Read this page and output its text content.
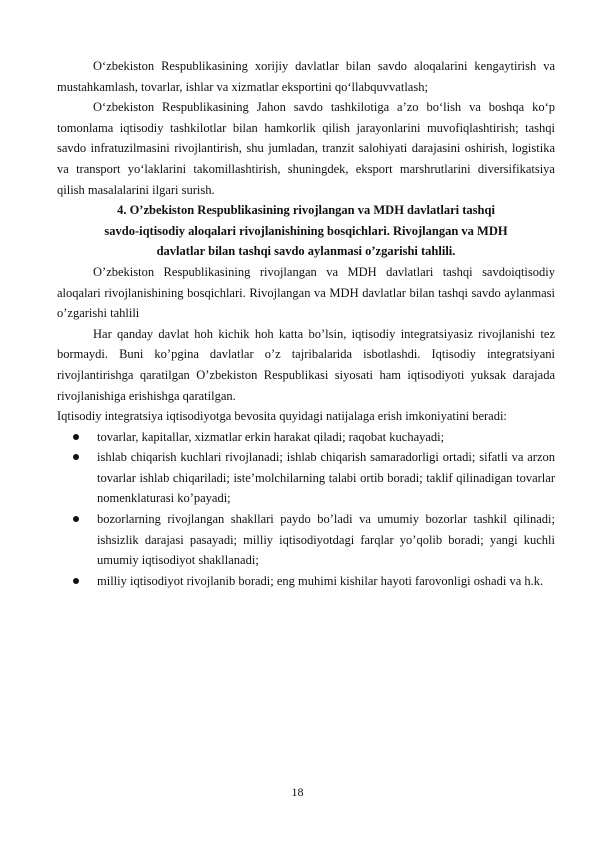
O‘zbekiston Respublikasining xorijiy davlatlar bilan savdo aloqalarini kengaytirish va mustahkamlash, tovarlar, ishlar va xizmatlar eksportini qo‘llabquvvatlash;

O‘zbekiston Respublikasining Jahon savdo tashkilotiga a’zo bo‘lish va boshqa ko‘p tomonlama iqtisodiy tashkilotlar bilan hamkorlik qilish jarayonlarini muvofiqlashtirish; tashqi savdo infratuzilmasini rivojlantirish, shu jumladan, tranzit salohiyati darajasini oshirish, logistika va transport yo‘laklarini takomillashtirish, shuningdek, eksport marshrutlarini diversifikatsiya qilish masalalarini ilgari surish.

4. O’zbekiston Respublikasining rivojlangan va MDH davlatlari tashqi
savdo-iqtisodiy aloqalari rivojlanishining bosqichlari. Rivojlangan va MDH
davlatlar bilan tashqi savdo aylanmasi o’zgarishi tahlili.

O’zbekiston Respublikasining rivojlangan va MDH davlatlari tashqi savdoiqtisodiy aloqalari rivojlanishining bosqichlari. Rivojlangan va MDH davlatlar bilan tashqi savdo aylanmasi o’zgarishi tahlili

Har qanday davlat hoh kichik hoh katta bo’lsin, iqtisodiy integratsiyasiz rivojlanishi tez bormaydi. Buni ko’pgina davlatlar o’z tajribalarida isbotlashdi. Iqtisodiy integratsiyani rivojlantirishga qaratilgan O’zbekiston Respublikasi siyosati ham iqtisodiyoti yuksak darajada rivojlanishiga erishishga qaratilgan.

Iqtisodiy integratsiya iqtisodiyotga bevosita quyidagi natijalaga erish imkoniyatini beradi:

tovarlar, kapitallar, xizmatlar erkin harakat qiladi; raqobat kuchayadi;
ishlab chiqarish kuchlari rivojlanadi; ishlab chiqarish samaradorligi ortadi; sifatli va arzon tovarlar ishlab chiqariladi; iste’molchilarning talabi ortib boradi; taklif qilinadigan tovarlar nomenklaturasi ko’payadi;
bozorlarning rivojlangan shakllari paydo bo’ladi va umumiy bozorlar tashkil qilinadi; ishsizlik darajasi pasayadi; milliy iqtisodiyotdagi farqlar yo’qolib boradi; yangi kuchli umumiy iqtisodiyot shakllanadi;
milliy iqtisodiyot rivojlanib boradi; eng muhimi kishilar hayoti farovonligi oshadi va h.k.
18
